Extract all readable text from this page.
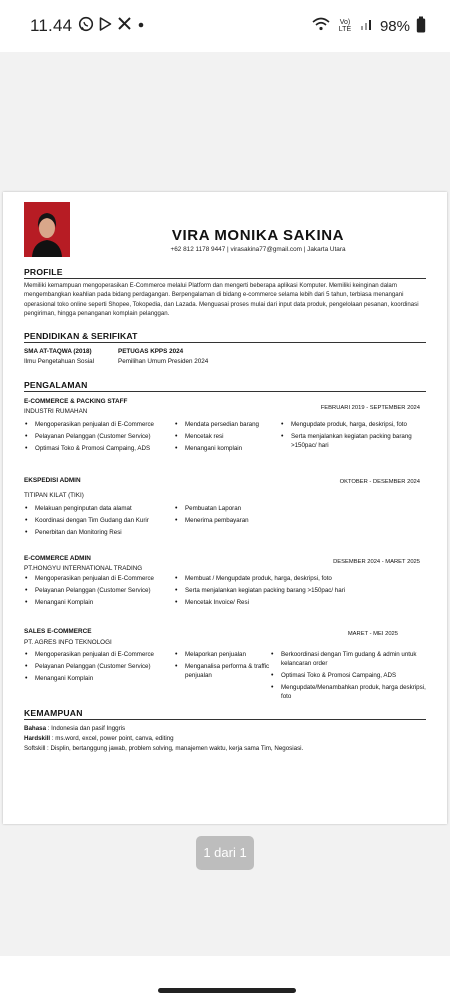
11.44	Vo) LTE 98%
VIRA MONIKA SAKINA
+62 812 1178 9447 | virasakina77@gmail.com | Jakarta Utara
PROFILE
Memiliki kemampuan mengoperasikan E-Commerce melalui Platform dan mengerti beberapa aplikasi Komputer. Memiliki keinginan dalam mengembangkan keahlian pada bidang perdagangan. Berpengalaman di bidang e-commerce selama lebih dari 5 tahun, terbiasa menangani operasional toko online seperti Shopee, Tokopedia, dan Lazada. Menguasai proses mulai dari input data produk, pengelolaan pesanan, koordinasi pengiriman, hingga penanganan komplain pelanggan.
PENDIDIKAN & SERIFIKAT
SMA AT-TAQWA (2018)
Ilmu Pengetahuan Sosial
PETUGAS KPPS 2024
Pemilihan Umum Presiden 2024
PENGALAMAN
E-COMMERCE & PACKING STAFF
INDUSTRI RUMAHAN	FEBRUARI 2019 - SEPTEMBER 2024
• Mengoperasikan penjualan di E-Commerce
• Pelayanan Pelanggan (Customer Service)
• Optimasi Toko & Promosi Campaing, ADS
• Mendata persedian barang
• Mencetak resi
• Menangani komplain
• Mengupdate produk, harga, deskripsi, foto
• Serta menjalankan kegiatan packing barang >150pac/ hari
EKSPEDISI ADMIN
TITIPAN KILAT (TIKI)
OKTOBER - DESEMBER 2024
• Melakuan penginputan data alamat
• Koordinasi dengan Tim Gudang dan Kurir
• Penerbitan dan Monitoring Resi
• Pembuatan Laporan
• Menerima pembayaran
E-COMMERCE ADMIN
PT.HONGYU INTERNATIONAL TRADING
DESEMBER 2024 - MARET 2025
• Mengoperasikan penjualan di E-Commerce
• Pelayanan Pelanggan (Customer Service)
• Menangani Komplain
• Membuat / Mengupdate produk, harga, deskripsi, foto
• Serta menjalankan kegiatan packing barang >150pac/ hari
• Mencetak Invoice/ Resi
SALES E-COMMERCE
PT. AGRES INFO TEKNOLOGI
MARET - MEI 2025
• Mengoperasikan penjualan di E-Commerce
• Pelayanan Pelanggan (Customer Service)
• Menangani Komplain
• Melaporkan penjualan
• Menganalisa performa & traffic penjualan
• Berkoordinasi dengan Tim gudang & admin untuk kelancaran order
• Optimasi Toko & Promosi Campaing, ADS
• Mengupdate/Menambahkan produk, harga deskripsi, foto
KEMAMPUAN
Bahasa : Indonesia dan pasif Inggris
Hardskill : ms.word, excel, power point, canva, editing
Softskill : Displin, bertanggung jawab, problem solving, manajemen waktu, kerja sama Tim, Negosiasi.
1 dari 1
